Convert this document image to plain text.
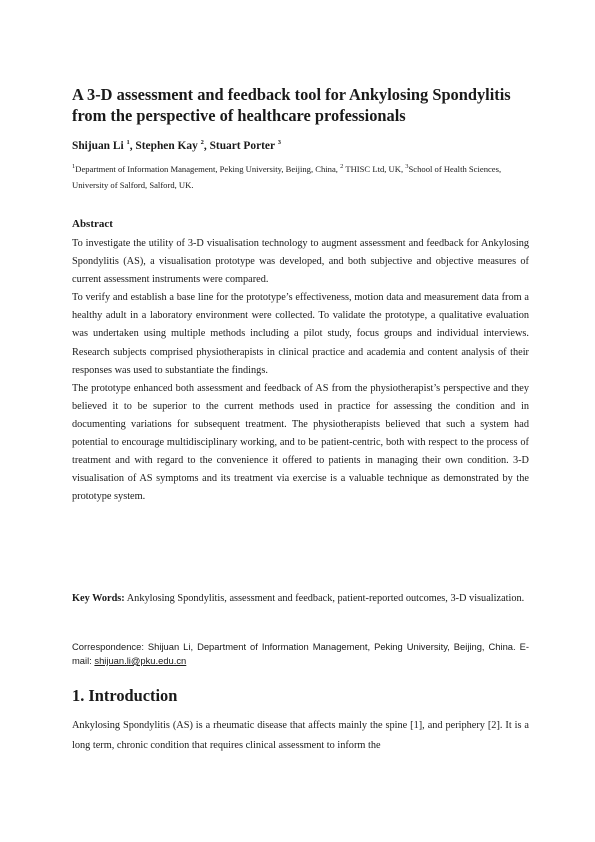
A 3-D assessment and feedback tool for Ankylosing Spondylitis from the perspective of healthcare professionals
Shijuan Li $^1$, Stephen Kay $^2$, Stuart Porter $^3$
$^1$Department of Information Management, Peking University, Beijing, China, $^2$ THISC Ltd, UK, $^3$School of Health Sciences, University of Salford, Salford, UK.
Abstract

To investigate the utility of 3-D visualisation technology to augment assessment and feedback for Ankylosing Spondylitis (AS), a visualisation prototype was developed, and both subjective and objective measures of current assessment instruments were compared.

To verify and establish a base line for the prototype’s effectiveness, motion data and measurement data from a healthy adult in a laboratory environment were collected. To validate the prototype, a qualitative evaluation was undertaken using multiple methods including a pilot study, focus groups and individual interviews. Research subjects comprised physiotherapists in clinical practice and academia and content analysis of their responses was used to substantiate the findings.

The prototype enhanced both assessment and feedback of AS from the physiotherapist’s perspective and they believed it to be superior to the current methods used in practice for assessing the condition and in documenting variations for subsequent treatment. The physiotherapists believed that such a system had potential to encourage multidisciplinary working, and to be patient-centric, both with respect to the process of treatment and with regard to the convenience it offered to patients in managing their own condition. 3-D visualisation of AS symptoms and its treatment via exercise is a valuable technique as demonstrated by the prototype system.

Key Words: Ankylosing Spondylitis, assessment and feedback, patient-reported outcomes, 3-D visualization.
Correspondence: Shijuan Li, Department of Information Management, Peking University, Beijing, China. E-mail: shijuan.li@pku.edu.cn
1. Introduction

Ankylosing Spondylitis (AS) is a rheumatic disease that affects mainly the spine [1], and periphery [2]. It is a long term, chronic condition that requires clinical assessment to inform the
